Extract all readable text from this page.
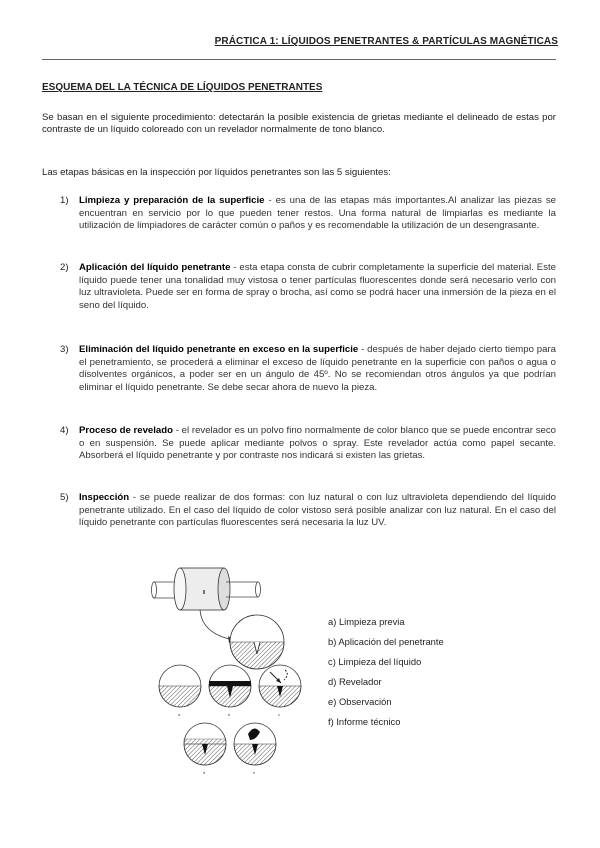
PRÁCTICA 1: LÍQUIDOS PENETRANTES & PARTÍCULAS MAGNÉTICAS
ESQUEMA DEL LA TÉCNICA DE LÍQUIDOS PENETRANTES
Se basan en el siguiente procedimiento: detectarán la posible existencia de grietas mediante el delineado de estas por contraste de un líquido coloreado con un revelador normalmente de tono blanco.
Las etapas básicas en la inspección por líquidos penetrantes son las 5 siguientes:
1)	Limpieza y preparación de la superficie - es una de las etapas más importantes.Al analizar las piezas se encuentran en servicio por lo que pueden tener restos. Una forma natural de limpiarlas es mediante la utilización de limpiadores de carácter común o paños y es recomendable la utilización de un desengrasante.
2)	Aplicación del líquido penetrante - esta etapa consta de cubrir completamente la superficie del material. Este líquido puede tener una tonalidad muy vistosa o tener partículas fluorescentes donde será necesario verlo con luz ultravioleta. Puede ser en forma de spray o brocha, así como se podrá hacer una inmersión de la pieza en el seno del líquido.
3)	Eliminación del líquido penetrante en exceso en la superficie - después de haber dejado cierto tiempo para el penetramiento, se procederá a eliminar el exceso de líquido penetrante en la superficie con paños o agua o disolventes orgánicos, a poder ser en un ángulo de 45º. No se recomiendan otros ángulos ya que podrían eliminar el líquido penetrante. Se debe secar ahora de nuevo la pieza.
4)	Proceso de revelado - el revelador es un polvo fino normalmente de color blanco que se puede encontrar seco o en suspensión. Se puede aplicar mediante polvos o spray. Este revelador actúa como papel secante. Absorberá el líquido penetrante y por contraste nos indicará si existen las grietas.
5)	Inspección - se puede realizar de dos formas: con luz natural o con luz ultravioleta dependiendo del líquido penetrante utilizado. En el caso del líquido de color vistoso será posible analizar con luz natural. En el caso del líquido penetrante con partículas fluorescentes será necesaria la luz UV.
a	b	c
d	e
a) Limpieza previa
b) Aplicación del penetrante
c) Limpieza del líquido
d) Revelador
e) Observación
f) Informe técnico
